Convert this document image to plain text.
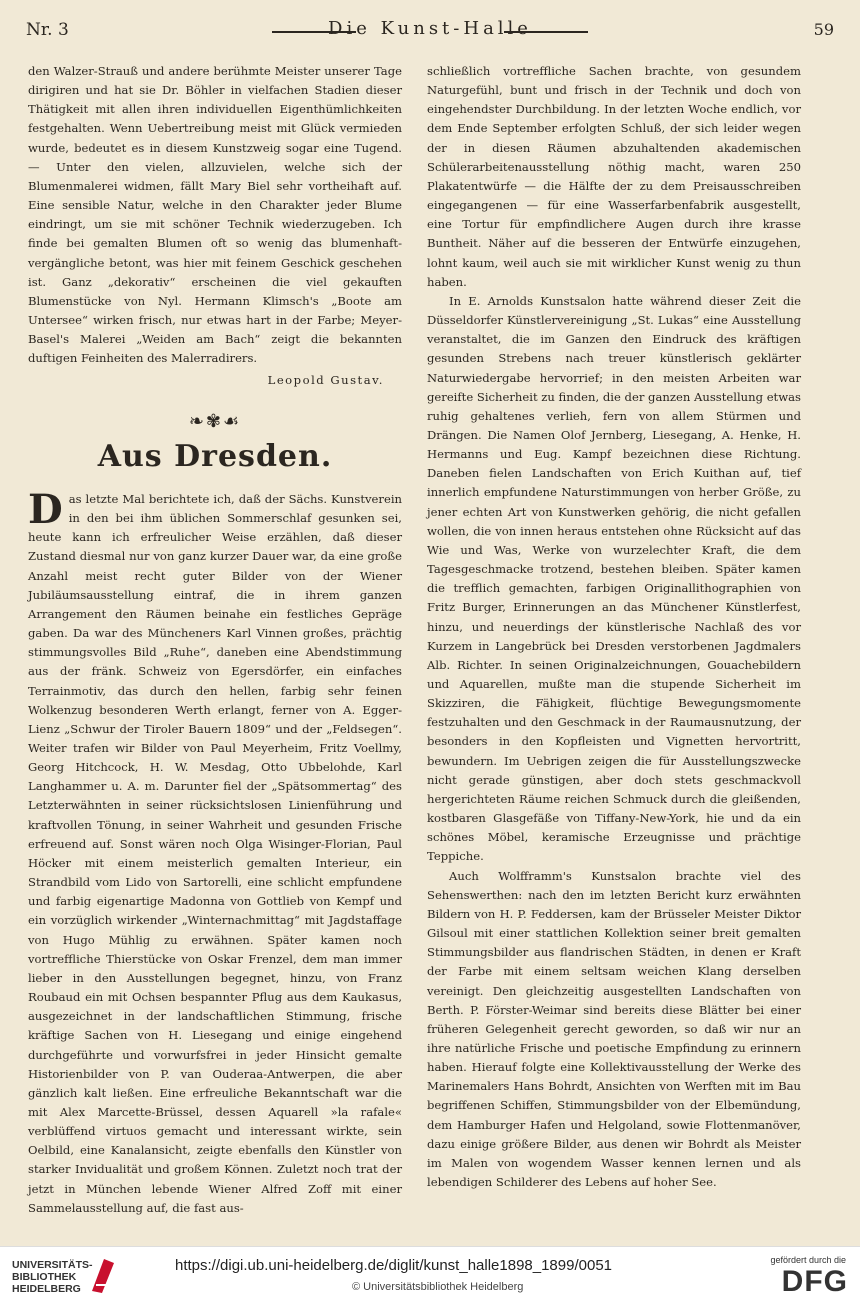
Nr. 3	Die Kunst-Halle	59

den Walzer-Strauß und andere berühmte Meister unserer Tage dirigiren und hat sie Dr. Böhler in vielfachen Stadien dieser Thätigkeit mit allen ihren individuellen Eigenthümlichkeiten festgehalten. Wenn Uebertreibung meist mit Glück vermieden wurde, bedeutet es in diesem Kunstzweig sogar eine Tugend. — Unter den vielen, allzuvielen, welche sich der Blumenmalerei widmen, fällt Mary Biel sehr vortheihaft auf. Eine sensible Natur, welche in den Charakter jeder Blume eindringt, um sie mit schöner Technik wiederzugeben. Ich finde bei gemalten Blumen oft so wenig das blumenhaft-vergängliche betont, was hier mit feinem Geschick geschehen ist. Ganz „dekorativ“ erscheinen die viel gekauften Blumenstücke von Nyl. Hermann Klimsch's „Boote am Untersee“ wirken frisch, nur etwas hart in der Farbe; Meyer-Basel's Malerei „Weiden am Bach“ zeigt die bekannten duftigen Feinheiten des Malerradirers.

Leopold Gustav.
❧✾☙
Aus Dresden.

Das letzte Mal berichtete ich, daß der Sächs. Kunstverein in den bei ihm üblichen Sommerschlaf gesunken sei, heute kann ich erfreulicher Weise erzählen, daß dieser Zustand diesmal nur von ganz kurzer Dauer war, da eine große Anzahl meist recht guter Bilder von der Wiener Jubiläumsausstellung eintraf, die in ihrem ganzen Arrangement den Räumen beinahe ein festliches Gepräge gaben. Da war des Müncheners Karl Vinnen großes, prächtig stimmungsvolles Bild „Ruhe“, daneben eine Abendstimmung aus der fränk. Schweiz von Egersdörfer, ein einfaches Terrainmotiv, das durch den hellen, farbig sehr feinen Wolkenzug besonderen Werth erlangt, ferner von A. Egger-Lienz „Schwur der Tiroler Bauern 1809“ und der „Feldsegen“. Weiter trafen wir Bilder von Paul Meyerheim, Fritz Voellmy, Georg Hitchcock, H. W. Mesdag, Otto Ubbelohde, Karl Langhammer u. A. m. Darunter fiel der „Spätsommertag“ des Letzterwähnten in seiner rücksichtslosen Linienführung und kraftvollen Tönung, in seiner Wahrheit und gesunden Frische erfreuend auf. Sonst wären noch Olga Wisinger-Florian, Paul Höcker mit einem meisterlich gemalten Interieur, ein Strandbild vom Lido von Sartorelli, eine schlicht empfundene und farbig eigenartige Madonna von Gottlieb von Kempf und ein vorzüglich wirkender „Winternachmittag“ mit Jagdstaffage von Hugo Mühlig zu erwähnen. Später kamen noch vortreffliche Thierstücke von Oskar Frenzel, dem man immer lieber in den Ausstellungen begegnet, hinzu, von Franz Roubaud ein mit Ochsen bespannter Pflug aus dem Kaukasus, ausgezeichnet in der landschaftlichen Stimmung, frische kräftige Sachen von H. Liesegang und einige eingehend durchgeführte und vorwurfsfrei in jeder Hinsicht gemalte Historienbilder von P. van Ouderaa-Antwerpen, die aber gänzlich kalt ließen. Eine erfreuliche Bekanntschaft war die mit Alex Marcette-Brüssel, dessen Aquarell »la rafale« verblüffend virtuos gemacht und interessant wirkte, sein Oelbild, eine Kanalansicht, zeigte ebenfalls den Künstler von starker Invidualität und großem Können. Zuletzt noch trat der jetzt in München lebende Wiener Alfred Zoff mit einer Sammelausstellung auf, die fast aus-

schließlich vortreffliche Sachen brachte, von gesundem Naturgefühl, bunt und frisch in der Technik und doch von eingehendster Durchbildung. In der letzten Woche endlich, vor dem Ende September erfolgten Schluß, der sich leider wegen der in diesen Räumen abzuhaltenden akademischen Schülerarbeitenausstellung nöthig macht, waren 250 Plakatentwürfe — die Hälfte der zu dem Preisausschreiben eingegangenen — für eine Wasserfarbenfabrik ausgestellt, eine Tortur für empfindlichere Augen durch ihre krasse Buntheit. Näher auf die besseren der Entwürfe einzugehen, lohnt kaum, weil auch sie mit wirklicher Kunst wenig zu thun haben.

In E. Arnolds Kunstsalon hatte während dieser Zeit die Düsseldorfer Künstlervereinigung „St. Lukas“ eine Ausstellung veranstaltet, die im Ganzen den Eindruck des kräftigen gesunden Strebens nach treuer künstlerisch geklärter Naturwiedergabe hervorrief; in den meisten Arbeiten war gereifte Sicherheit zu finden, die der ganzen Ausstellung etwas ruhig gehaltenes verlieh, fern von allem Stürmen und Drängen. Die Namen Olof Jernberg, Liesegang, A. Henke, H. Hermanns und Eug. Kampf bezeichnen diese Richtung. Daneben fielen Landschaften von Erich Kuithan auf, tief innerlich empfundene Naturstimmungen von herber Größe, zu jener echten Art von Kunstwerken gehörig, die nicht gefallen wollen, die von innen heraus entstehen ohne Rücksicht auf das Wie und Was, Werke von wurzelechter Kraft, die dem Tagesgeschmacke trotzend, bestehen bleiben. Später kamen die trefflich gemachten, farbigen Originallithographien von Fritz Burger, Erinnerungen an das Münchener Künstlerfest, hinzu, und neuerdings der künstlerische Nachlaß des vor Kurzem in Langebrück bei Dresden verstorbenen Jagdmalers Alb. Richter. In seinen Originalzeichnungen, Gouachebildern und Aquarellen, mußte man die stupende Sicherheit im Skizziren, die Fähigkeit, flüchtige Bewegungsmomente festzuhalten und den Geschmack in der Raumausnutzung, der besonders in den Kopfleisten und Vignetten hervortritt, bewundern. Im Uebrigen zeigen die für Ausstellungszwecke nicht gerade günstigen, aber doch stets geschmackvoll hergerichteten Räume reichen Schmuck durch die gleißenden, kostbaren Glasgefäße von Tiffany-New-York, hie und da ein schönes Möbel, keramische Erzeugnisse und prächtige Teppiche.

Auch Wolfframm's Kunstsalon brachte viel des Sehenswerthen: nach den im letzten Bericht kurz erwähnten Bildern von H. P. Feddersen, kam der Brüsseler Meister Diktor Gilsoul mit einer stattlichen Kollektion seiner breit gemalten Stimmungsbilder aus flandrischen Städten, in denen er Kraft der Farbe mit einem seltsam weichen Klang derselben vereinigt. Den gleichzeitig ausgestellten Landschaften von Berth. P. Förster-Weimar sind bereits diese Blätter bei einer früheren Gelegenheit gerecht geworden, so daß wir nur an ihre natürliche Frische und poetische Empfindung zu erinnern haben. Hierauf folgte eine Kollektivausstellung der Werke des Marinemalers Hans Bohrdt, Ansichten von Werften mit im Bau begriffenen Schiffen, Stimmungsbilder von der Elbemündung, dem Hamburger Hafen und Helgoland, sowie Flottenmanöver, dazu einige größere Bilder, aus denen wir Bohrdt als Meister im Malen von wogendem Wasser kennen lernen und als lebendigen Schilderer des Lebens auf hoher See.

UNIVERSITÄTS-
BIBLIOTHEK
HEIDELBERG
https://digi.ub.uni-heidelberg.de/diglit/kunst_halle1898_1899/0051
© Universitätsbibliothek Heidelberg
gefördert durch die
DFG
